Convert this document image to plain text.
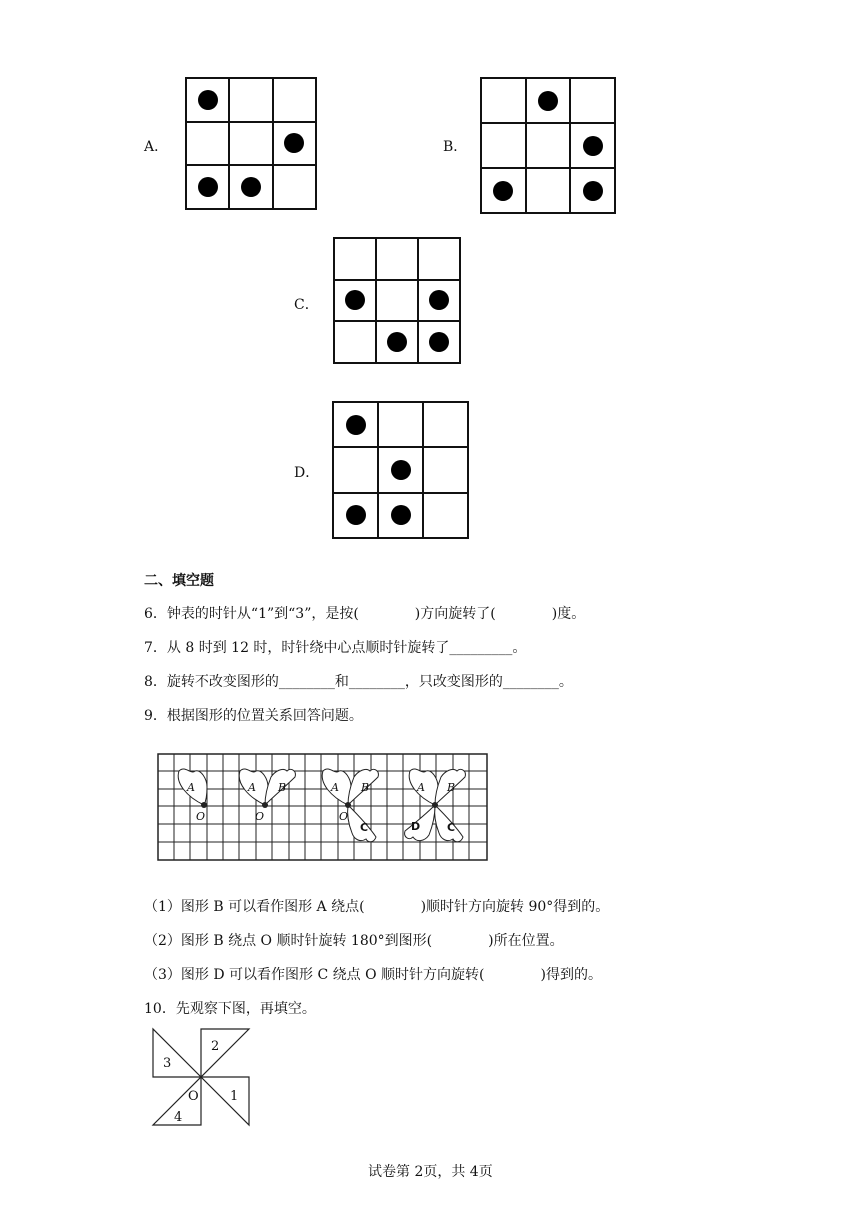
A．	B．
C．
D．
二、填空题
6．钟表的时针从“1”到“3”，是按(　　　　)方向旋转了(　　　　)度。
7．从 8 时到 12 时，时针绕中心点顺时针旋转了_________。
8．旋转不改变图形的________和________，只改变图形的________。
9．根据图形的位置关系回答问题。
A
O
A B
O
A B
O
A B
C	D C
（1）图形 B 可以看作图形 A 绕点(　　　　)顺时针方向旋转 90°得到的。
（2）图形 B 绕点 O 顺时针旋转 180°到图形(　　　　)所在位置。
（3）图形 D 可以看作图形 C 绕点 O 顺时针方向旋转(　　　　)得到的。
10．先观察下图，再填空。
2
3
1
4
O
试卷第 2页，共 4页
